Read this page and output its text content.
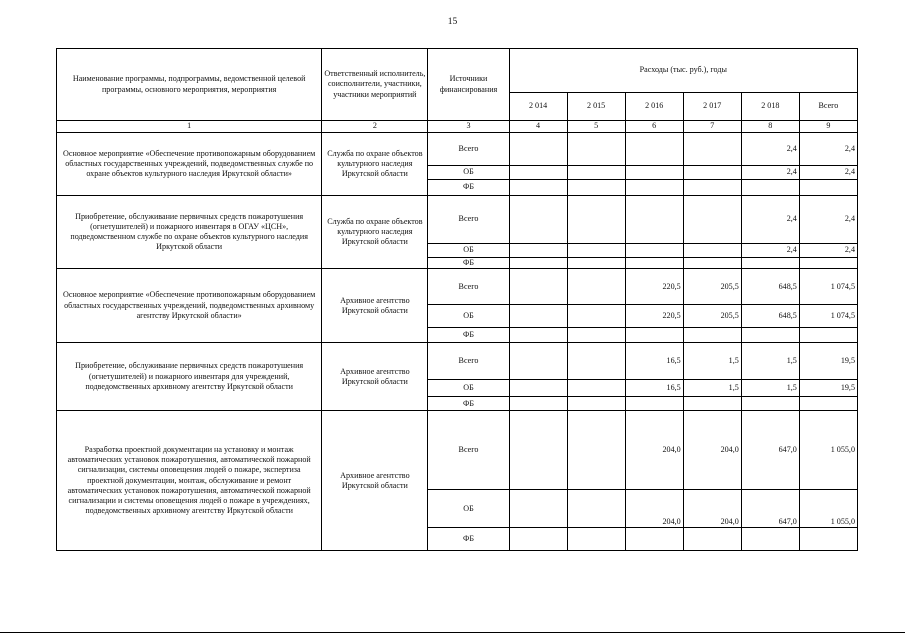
15
Наименование программы, подпрограммы, ведомственной целевой программы, основного мероприятия, мероприятия	Ответственный исполнитель, соисполнители, участники, участники мероприятий	Источники финансирования	Расходы (тыс. руб.), годы					
			2 014	2 015	2 016	2 017	2 018	Всего
1	2	3	4	5	6	7	8	9
Основное мероприятие «Обеспечение противопожарным оборудованием областных государственных учреждений, подведомственных службе по охране объектов культурного наследия Иркутской области»	Служба по охране объектов культурного наследия Иркутской области	Всего					2,4	2,4
		ОБ					2,4	2,4
		ФБ						
Приобретение, обслуживание первичных средств пожаротушения (огнетушителей) и пожарного инвентаря в ОГАУ «ЦСН», подведомственном службе по охране объектов культурного наследия Иркутской области	Служба по охране объектов культурного наследия Иркутской области	Всего					2,4	2,4
		ОБ					2,4	2,4
		ФБ						
Основное мероприятие «Обеспечение противопожарным оборудованием областных государственных учреждений, подведомственных архивному агентству Иркутской области»	Архивное агентство Иркутской области	Всего			220,5	205,5	648,5	1 074,5
		ОБ			220,5	205,5	648,5	1 074,5
		ФБ						
Приобретение, обслуживание первичных средств пожаротушения (огнетушителей) и пожарного инвентаря для учреждений, подведомственных архивному агентству Иркутской области	Архивное агентство Иркутской области	Всего			16,5	1,5	1,5	19,5
		ОБ			16,5	1,5	1,5	19,5
		ФБ						
Разработка проектной документации на установку и монтаж автоматических установок пожаротушения, автоматической пожарной сигнализации, системы оповещения людей о пожаре, экспертиза проектной документации, монтаж, обслуживание и ремонт автоматических установок пожаротушения, автоматической пожарной сигнализации и системы оповещения людей о пожаре в учреждениях, подведомственных архивному агентству Иркутской области	Архивное агентство Иркутской области	Всего			204,0	204,0	647,0	1 055,0
		ОБ			204,0	204,0	647,0	1 055,0
		ФБ						
